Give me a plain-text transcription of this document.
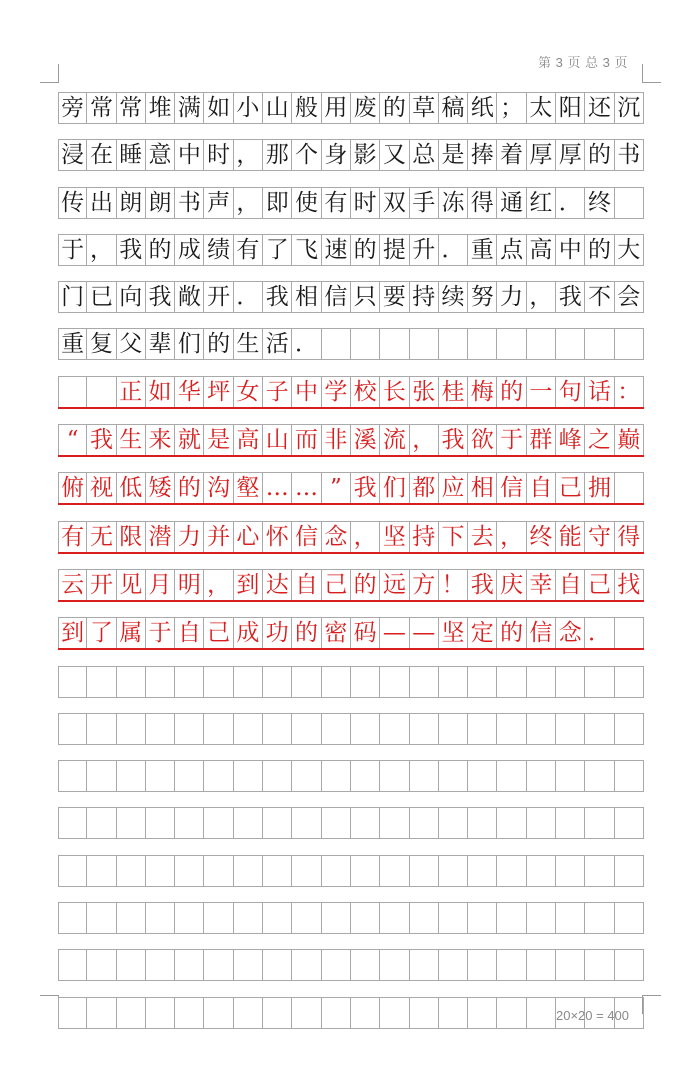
第 3 页 总 3 页
旁 常 常 堆 满 如 小 山 般 用 废 的 草 稿 纸 ； 太 阳 还 沉
浸 在 睡 意 中 时 ， 那 个 身 影 又 总 是 捧 着 厚 厚 的 书
传 出 朗 朗 书 声 ， 即 使 有 时 双 手 冻 得 通 红 ． 终
于 ， 我 的 成 绩 有 了 飞 速 的 提 升 ． 重 点 高 中 的 大
门 已 向 我 敞 开 ． 我 相 信 只 要 持 续 努 力 ， 我 不 会
重 复 父 辈 们 的 生 活 ．
正 如 华 坪 女 子 中 学 校 长 张 桂 梅 的 一 句 话 ：
“ 我 生 来 就 是 高 山 而 非 溪 流 ， 我 欲 于 群 峰 之 巅
俯 视 低 矮 的 沟 壑 … … ” 我 们 都 应 相 信 自 己 拥
有 无 限 潜 力 并 心 怀 信 念 ， 坚 持 下 去 ， 终 能 守 得
云 开 见 月 明 ， 到 达 自 己 的 远 方 ！ 我 庆 幸 自 己 找
到 了 属 于 自 己 成 功 的 密 码 — — 坚 定 的 信 念 ．
20×20 = 400
